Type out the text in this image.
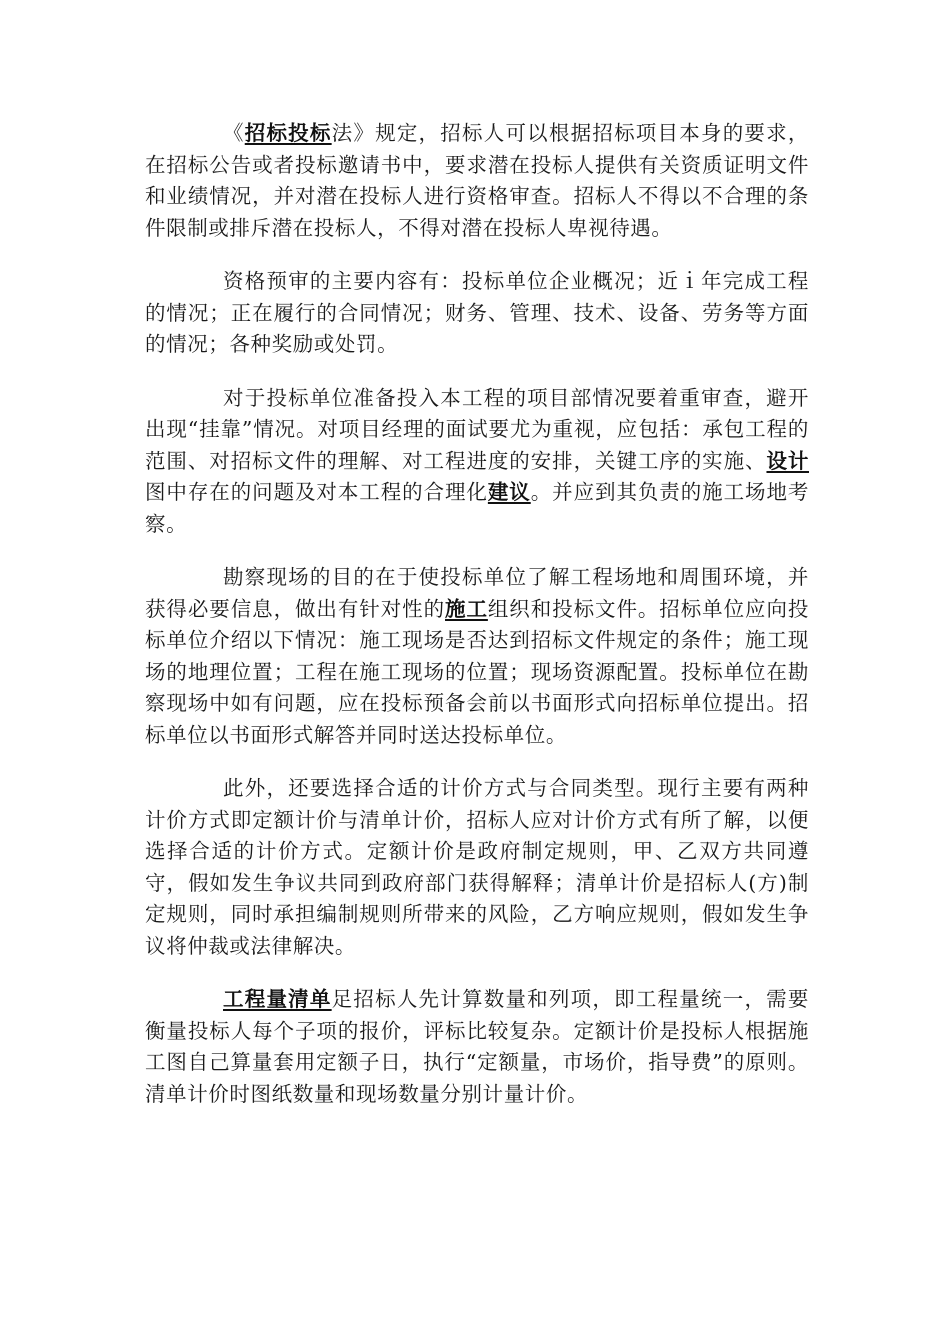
《招标投标法》规定，招标人可以根据招标项目本身的要求，在招标公告或者投标邀请书中，要求潜在投标人提供有关资质证明文件和业绩情况，并对潜在投标人进行资格审查。招标人不得以不合理的条件限制或排斥潜在投标人，不得对潜在投标人卑视待遇。

资格预审的主要内容有：投标单位企业概况；近ｉ年完成工程的情况；正在履行的合同情况；财务、管理、技术、设备、劳务等方面的情况；各种奖励或处罚。

对于投标单位准备投入本工程的项目部情况要着重审查，避开出现“挂靠”情况。对项目经理的面试要尤为重视，应包括：承包工程的范围、对招标文件的理解、对工程进度的安排，关键工序的实施、设计图中存在的问题及对本工程的合理化建议。并应到其负责的施工场地考察。

勘察现场的目的在于使投标单位了解工程场地和周围环境，并获得必要信息，做出有针对性的施工组织和投标文件。招标单位应向投标单位介绍以下情况：施工现场是否达到招标文件规定的条件；施工现场的地理位置；工程在施工现场的位置；现场资源配置。投标单位在勘察现场中如有问题，应在投标预备会前以书面形式向招标单位提出。招标单位以书面形式解答并同时送达投标单位。

此外，还要选择合适的计价方式与合同类型。现行主要有两种计价方式即定额计价与清单计价，招标人应对计价方式有所了解，以便选择合适的计价方式。定额计价是政府制定规则，甲、乙双方共同遵守，假如发生争议共同到政府部门获得解释；清单计价是招标人(方)制定规则，同时承担编制规则所带来的风险，乙方响应规则，假如发生争议将仲裁或法律解决。

工程量清单足招标人先计算数量和列项，即工程量统一，需要衡量投标人每个子项的报价，评标比较复杂。定额计价是投标人根据施工图自己算量套用定额子日，执行“定额量，市场价，指导费”的原则。清单计价时图纸数量和现场数量分别计量计价。
